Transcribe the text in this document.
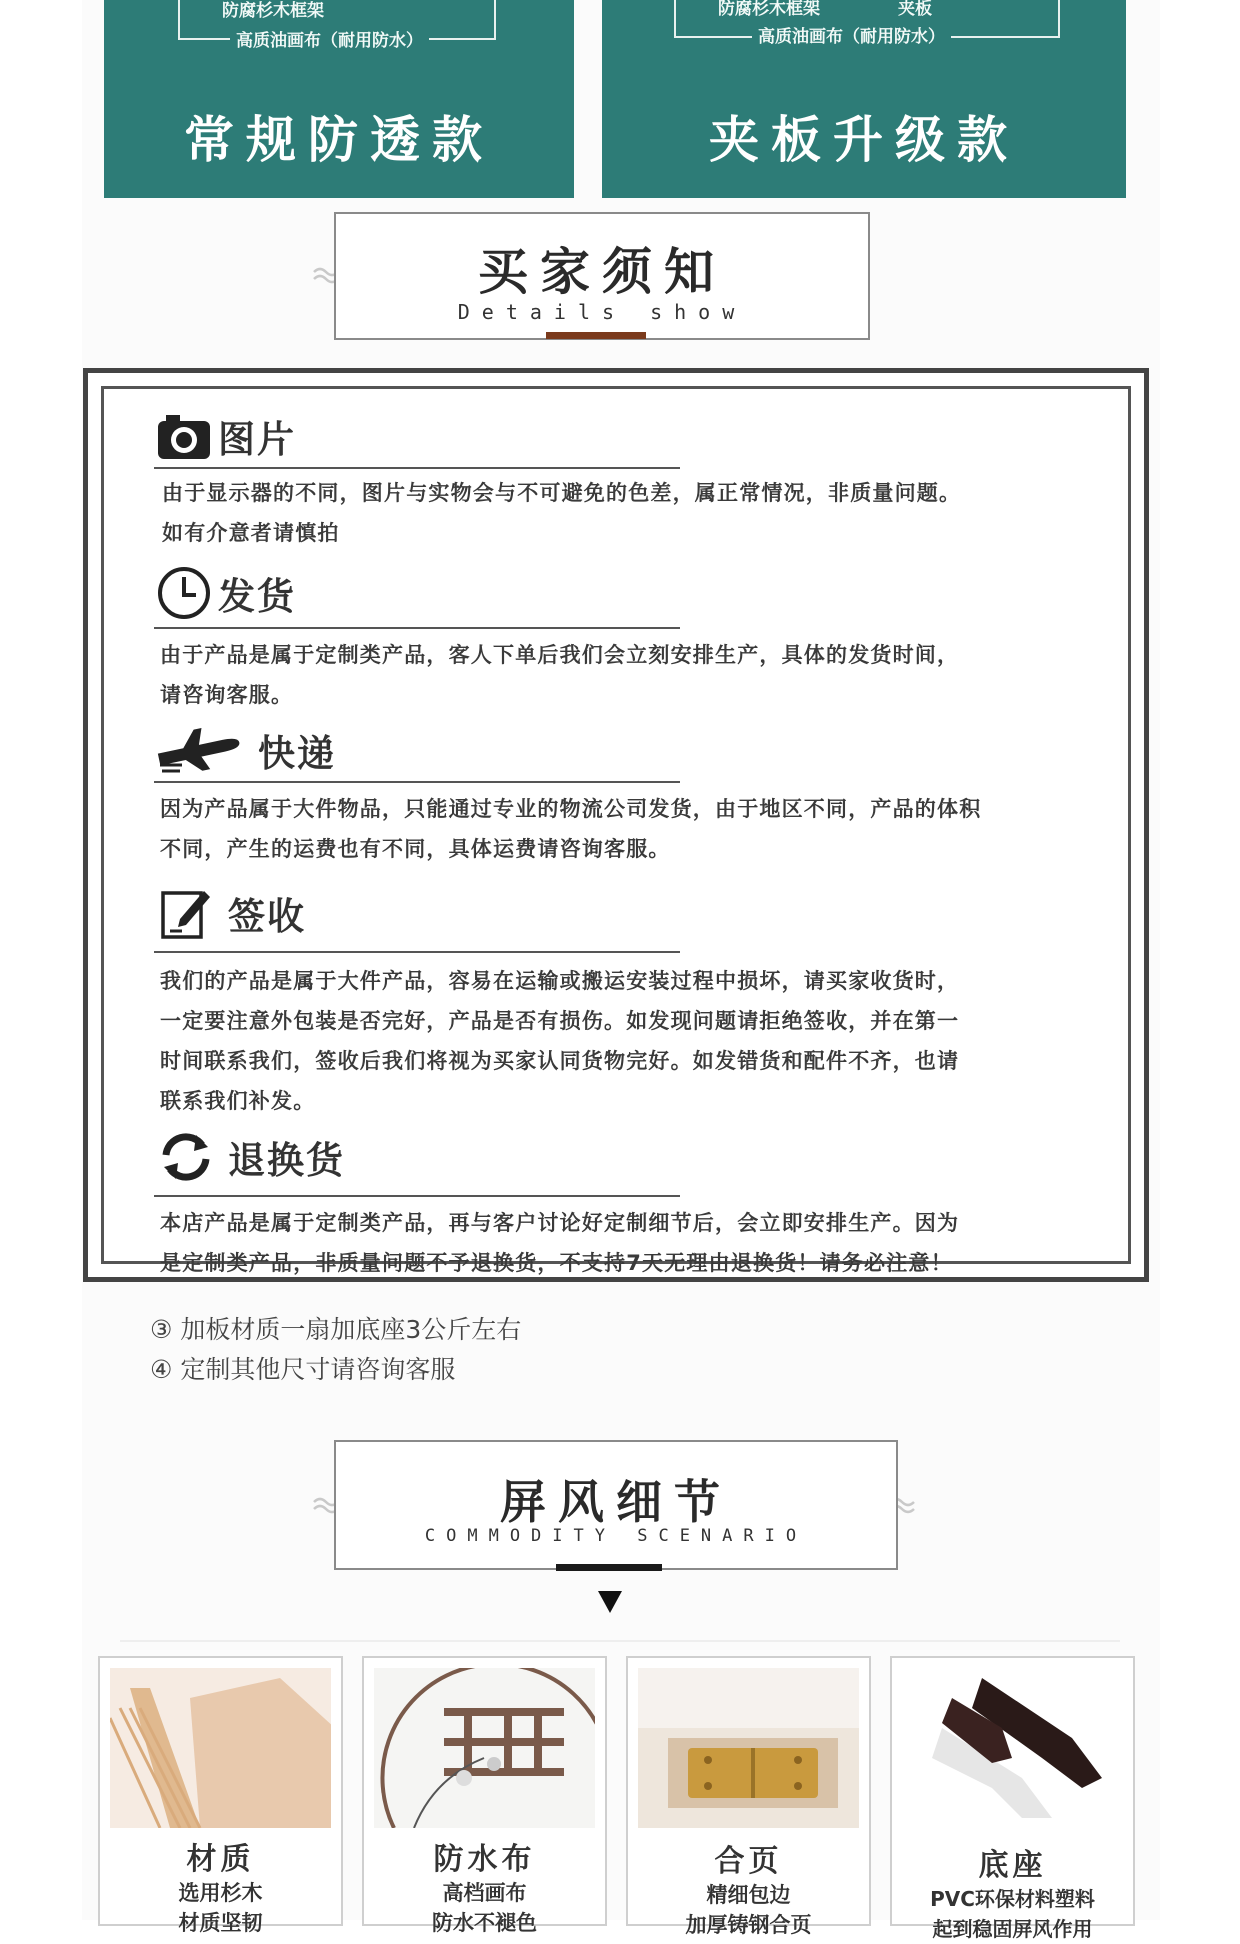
防腐杉木框架
高质油画布（耐用防水）
常规防透款
防腐杉木框架	夹板
高质油画布（耐用防水）
夹板升级款
买家须知
Details show
图片
由于显示器的不同，图片与实物会与不可避免的色差，属正常情况，非质量问题。
如有介意者请慎拍
发货
由于产品是属于定制类产品，客人下单后我们会立刻安排生产，具体的发货时间，
请咨询客服。
快递
因为产品属于大件物品，只能通过专业的物流公司发货，由于地区不同，产品的体积
不同，产生的运费也有不同，具体运费请咨询客服。
签收
我们的产品是属于大件产品，容易在运输或搬运安装过程中损坏，请买家收货时，
一定要注意外包装是否完好，产品是否有损伤。如发现问题请拒绝签收，并在第一
时间联系我们，签收后我们将视为买家认同货物完好。如发错货和配件不齐，也请
联系我们补发。
退换货
本店产品是属于定制类产品，再与客户讨论好定制细节后，会立即安排生产。因为
是定制类产品，非质量问题不予退换货，不支持7天无理由退换货！请务必注意！
③ 加板材质一扇加底座3公斤左右
④ 定制其他尺寸请咨询客服
屏风细节
COMMODITY SCENARIO
材质
选用杉木
材质坚韧
防水布
高档画布
防水不褪色
合页
精细包边
加厚铸钢合页
底座
PVC环保材料塑料
起到稳固屏风作用
